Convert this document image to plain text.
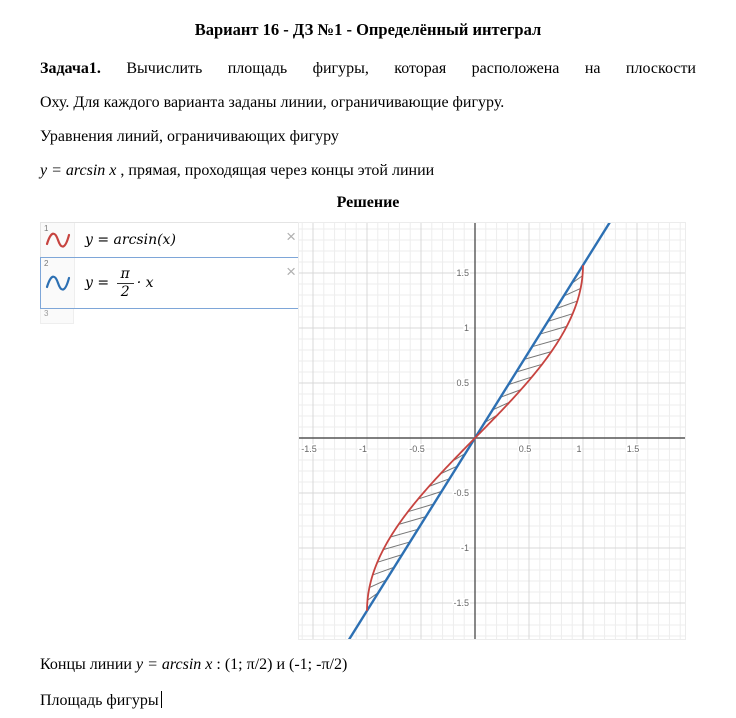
Вариант 16 - ДЗ №1 - Определённый интеграл
Задача1. Вычислить площадь фигуры, которая расположена на плоскости
Оху. Для каждого варианта заданы линии, ограничивающие фигуру.
Уравнения линий, ограничивающих фигуру
y = arcsin x , прямая, проходящая через концы этой линии
Решение
1
y = arcsin(x)	×
2
$y = \frac{\pi}{2} \cdot x$
×
3
-1.5	-1	-0.5	0.5	1	1.5
-1.5
-1
-0.5
0.5
1
1.5
Концы линии y = arcsin x : (1; π/2) и (-1; -π/2)
Площадь фигуры
